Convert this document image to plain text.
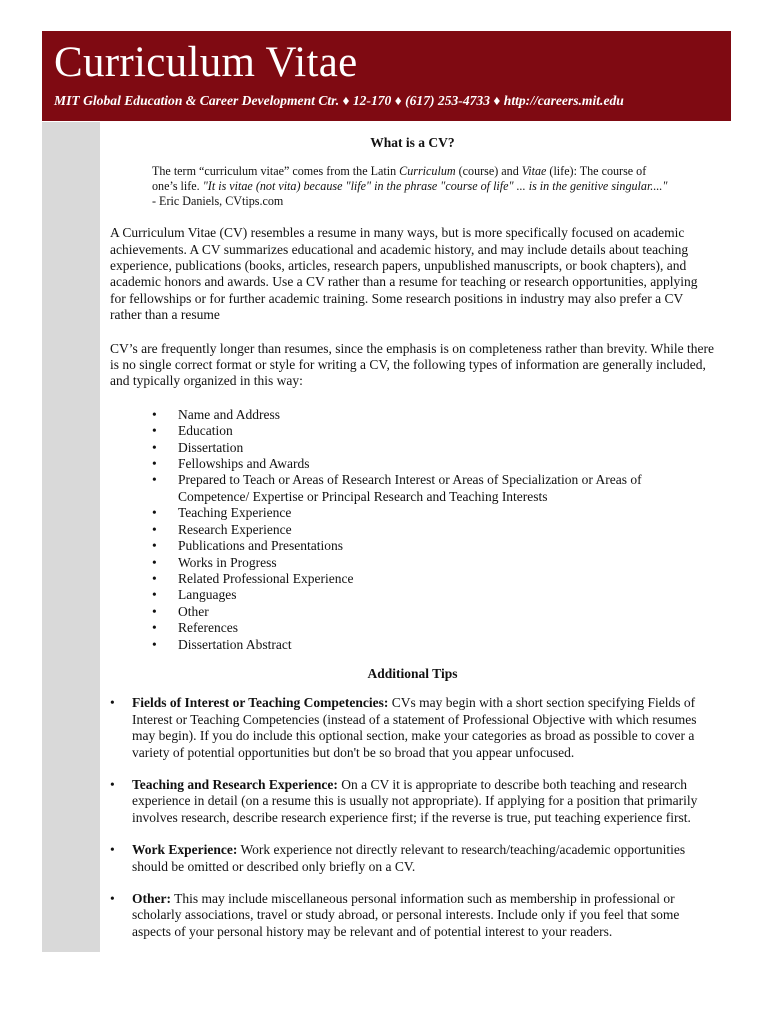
Curriculum Vitae
MIT Global Education & Career Development Ctr. ♦ 12-170 ♦ (617) 253-4733 ♦ http://careers.mit.edu
What is a CV?
The term “curriculum vitae” comes from the Latin Curriculum (course) and Vitae (life): The course of one’s life. "It is vitae (not vita) because "life" in the phrase "course of life" ... is in the genitive singular...." - Eric Daniels, CVtips.com

A Curriculum Vitae (CV) resembles a resume in many ways, but is more specifically focused on academic achievements. A CV summarizes educational and academic history, and may include details about teaching experience, publications (books, articles, research papers, unpublished manuscripts, or book chapters), and academic honors and awards. Use a CV rather than a resume for teaching or research opportunities, applying for fellowships or for further academic training. Some research positions in industry may also prefer a CV rather than a resume

CV’s are frequently longer than resumes, since the emphasis is on completeness rather than brevity. While there is no single correct format or style for writing a CV, the following types of information are generally included, and typically organized in this way:

• Name and Address
• Education
• Dissertation
• Fellowships and Awards
• Prepared to Teach or Areas of Research Interest or Areas of Specialization or Areas of Competence/ Expertise or Principal Research and Teaching Interests
• Teaching Experience
• Research Experience
• Publications and Presentations
• Works in Progress
• Related Professional Experience
• Languages
• Other
• References
• Dissertation Abstract
Additional Tips
• Fields of Interest or Teaching Competencies: CVs may begin with a short section specifying Fields of Interest or Teaching Competencies (instead of a statement of Professional Objective with which resumes may begin). If you do include this optional section, make your categories as broad as possible to cover a variety of potential opportunities but don't be so broad that you appear unfocused.
• Teaching and Research Experience: On a CV it is appropriate to describe both teaching and research experience in detail (on a resume this is usually not appropriate). If applying for a position that primarily involves research, describe research experience first; if the reverse is true, put teaching experience first.
• Work Experience: Work experience not directly relevant to research/teaching/academic opportunities should be omitted or described only briefly on a CV.
• Other: This may include miscellaneous personal information such as membership in professional or scholarly associations, travel or study abroad, or personal interests. Include only if you feel that some aspects of your personal history may be relevant and of potential interest to your readers.
